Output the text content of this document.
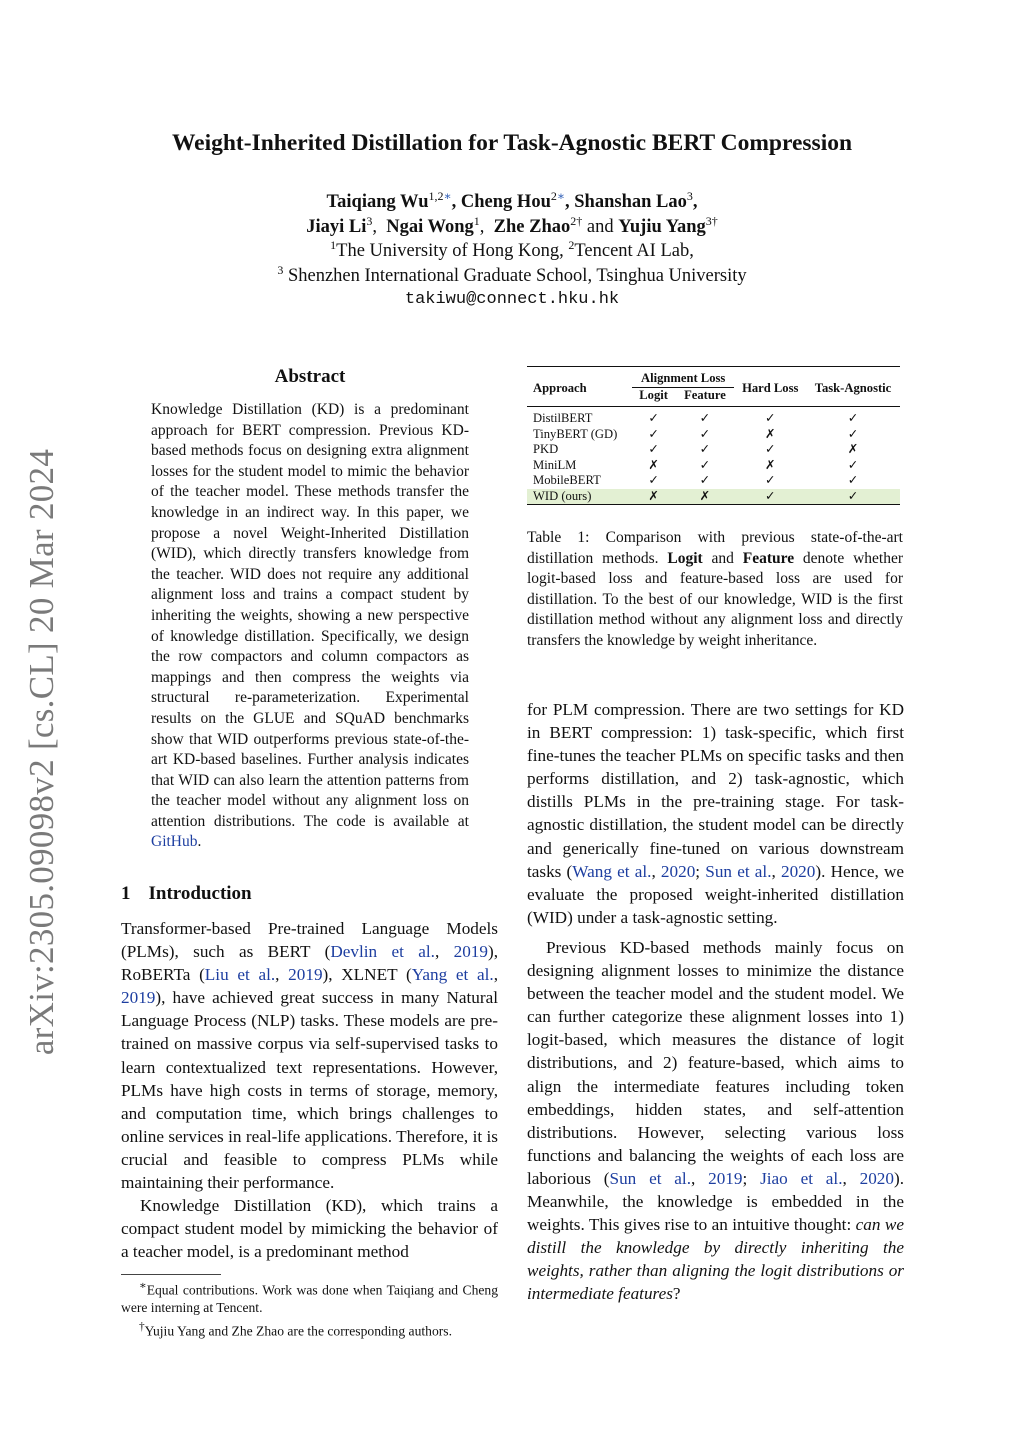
arXiv:2305.09098v2 [cs.CL] 20 Mar 2024
Weight-Inherited Distillation for Task-Agnostic BERT Compression
Taiqiang $Wu^{1,2∗}$, Cheng Hou$^{2∗}$, Shanshan Lao$^3$,
Jiayi Li$^3$,  Ngai Wong$^1$,  Zhe Zhao$^{2\dagger}$ and Yujiu Yang$^{3\dagger}$
$^1$The University of Hong Kong, $^2$Tencent AI Lab,
$^3$ Shenzhen International Graduate School, Tsinghua University
takiwu@connect.hku.hk
Abstract
Knowledge Distillation (KD) is a predominant approach for BERT compression. Previous KD-based methods focus on designing extra alignment losses for the student model to mimic the behavior of the teacher model. These methods transfer the knowledge in an indirect way. In this paper, we propose a novel Weight-Inherited Distillation (WID), which directly transfers knowledge from the teacher. WID does not require any additional alignment loss and trains a compact student by inheriting the weights, showing a new perspective of knowledge distillation. Specifically, we design the row compactors and column compactors as mappings and then compress the weights via structural re-parameterization. Experimental results on the GLUE and SQuAD benchmarks show that WID outperforms previous state-of-the-art KD-based baselines. Further analysis indicates that WID can also learn the attention patterns from the teacher model without any alignment loss on attention distributions. The code is available at GitHub.
1 Introduction

Transformer-based Pre-trained Language Models (PLMs), such as BERT (Devlin et al., 2019), RoBERTa (Liu et al., 2019), XLNET (Yang et al., 2019), have achieved great success in many Natural Language Process (NLP) tasks. These models are pre-trained on massive corpus via self-supervised tasks to learn contextualized text representations. However, PLMs have high costs in terms of storage, memory, and computation time, which brings challenges to online services in real-life applications. Therefore, it is crucial and feasible to compress PLMs while maintaining their performance.

Knowledge Distillation (KD), which trains a compact student model by mimicking the behavior of a teacher model, is a predominant method

∗Equal contributions. Work was done when Taiqiang and Cheng were interning at Tencent.

†Yujiu Yang and Zhe Zhao are the corresponding authors.

Approach	Alignment Loss		Hard Loss	Task-Agnostic
	Logit	Feature		
DistilBERT	✓	✓	✓	✓
TinyBERT (GD)	✓	✓	✗	✓
PKD	✓	✓	✓	✗
MiniLM	✗	✓	✗	✓
MobileBERT	✓	✓	✓	✓
WID (ours)	✗	✗	✓	✓
Table 1: Comparison with previous state-of-the-art distillation methods. Logit and Feature denote whether logit-based loss and feature-based loss are used for distillation. To the best of our knowledge, WID is the first distillation method without any alignment loss and directly transfers the knowledge by weight inheritance.

for PLM compression. There are two settings for KD in BERT compression: 1) task-specific, which first fine-tunes the teacher PLMs on specific tasks and then performs distillation, and 2) task-agnostic, which distills PLMs in the pre-training stage. For task-agnostic distillation, the student model can be directly and generically fine-tuned on various downstream tasks (Wang et al., 2020; Sun et al., 2020). Hence, we evaluate the proposed weight-inherited distillation (WID) under a task-agnostic setting.

Previous KD-based methods mainly focus on designing alignment losses to minimize the distance between the teacher model and the student model. We can further categorize these alignment losses into 1) logit-based, which measures the distance of logit distributions, and 2) feature-based, which aims to align the intermediate features including token embeddings, hidden states, and self-attention distributions. However, selecting various loss functions and balancing the weights of each loss are laborious (Sun et al., 2019; Jiao et al., 2020). Meanwhile, the knowledge is embedded in the weights. This gives rise to an intuitive thought: can we distill the knowledge by directly inheriting the weights, rather than aligning the logit distributions or intermediate features?
